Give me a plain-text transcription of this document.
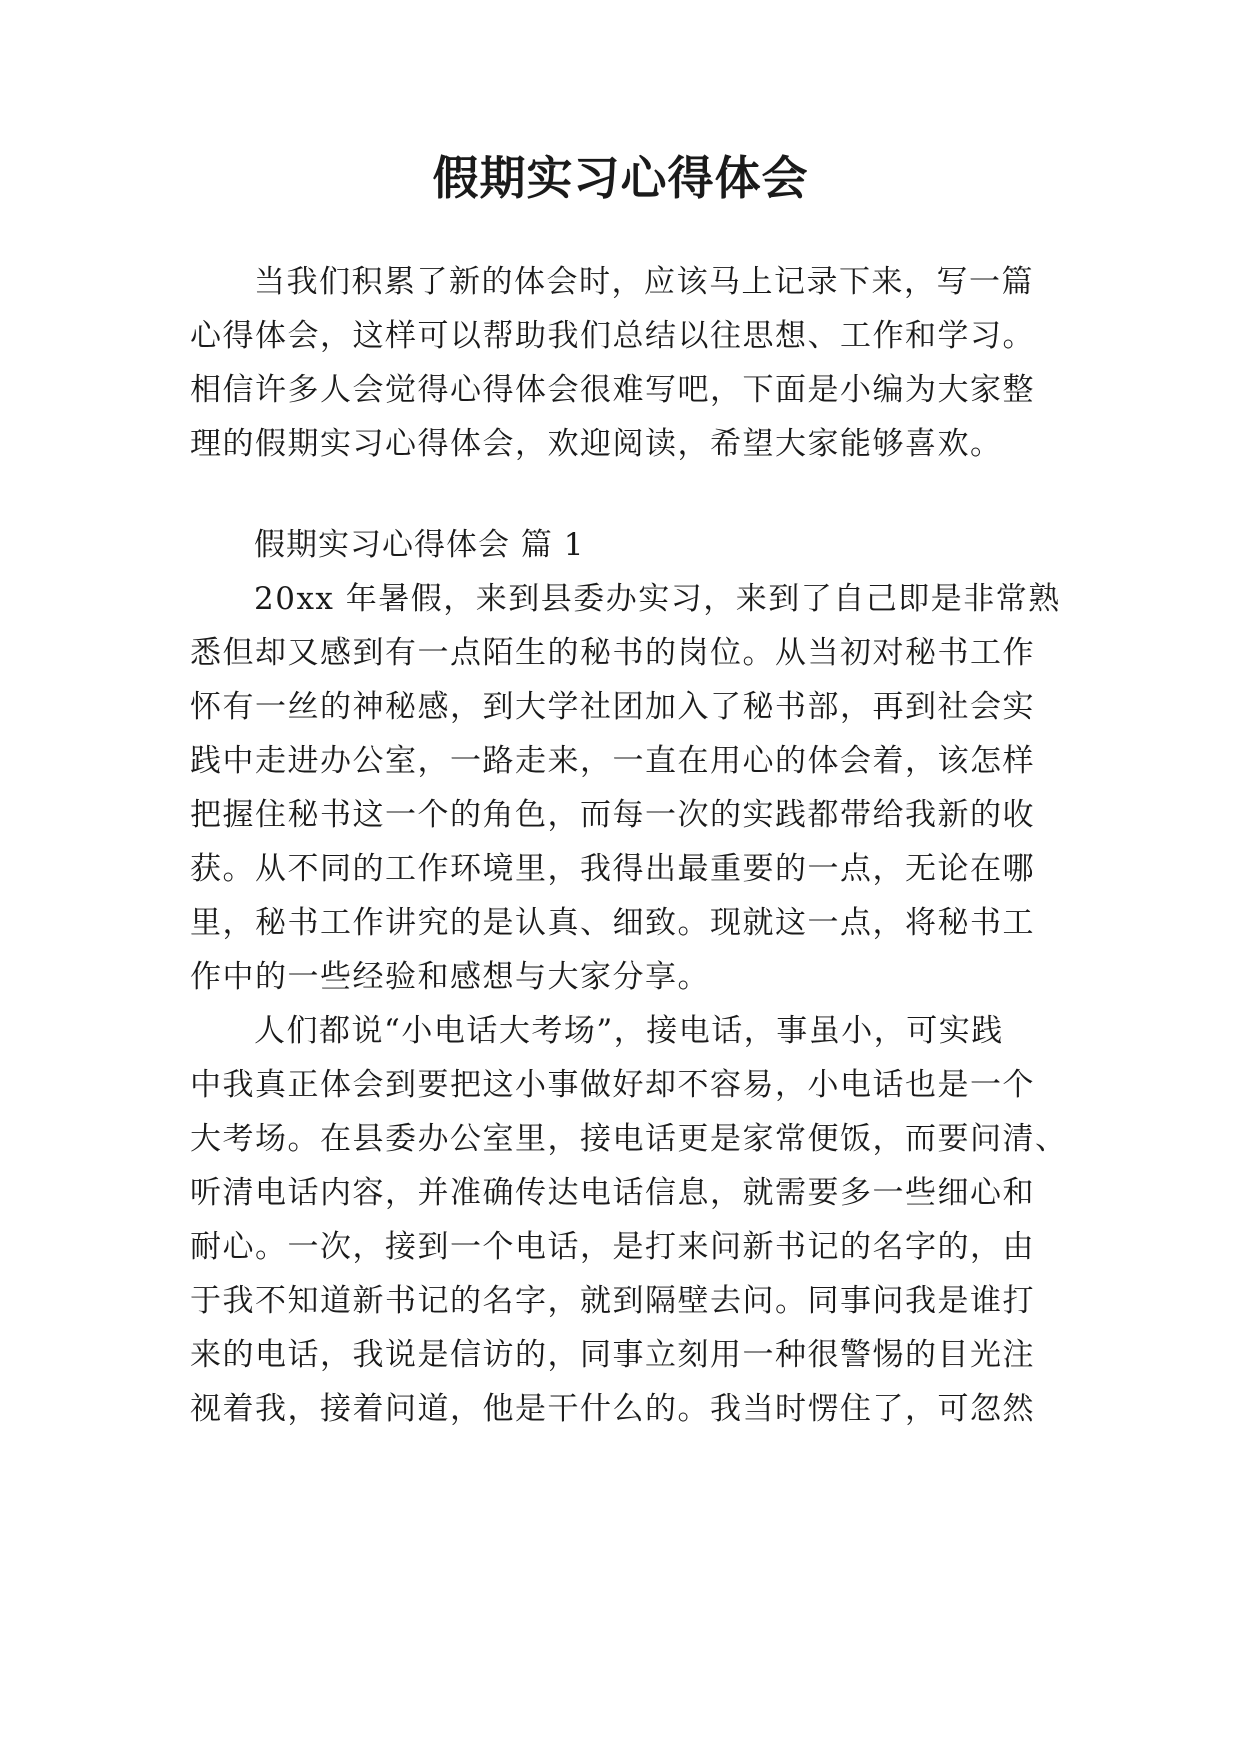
假期实习心得体会
当我们积累了新的体会时，应该马上记录下来，写一篇
心得体会，这样可以帮助我们总结以往思想、工作和学习。
相信许多人会觉得心得体会很难写吧，下面是小编为大家整
理的假期实习心得体会，欢迎阅读，希望大家能够喜欢。
假期实习心得体会 篇 1
20xx 年暑假，来到县委办实习，来到了自己即是非常熟
悉但却又感到有一点陌生的秘书的岗位。从当初对秘书工作
怀有一丝的神秘感，到大学社团加入了秘书部，再到社会实
践中走进办公室，一路走来，一直在用心的体会着，该怎样
把握住秘书这一个的角色，而每一次的实践都带给我新的收
获。从不同的工作环境里，我得出最重要的一点，无论在哪
里，秘书工作讲究的是认真、细致。现就这一点，将秘书工
作中的一些经验和感想与大家分享。
人们都说“小电话大考场”，接电话，事虽小，可实践
中我真正体会到要把这小事做好却不容易，小电话也是一个
大考场。在县委办公室里，接电话更是家常便饭，而要问清、
听清电话内容，并准确传达电话信息，就需要多一些细心和
耐心。一次，接到一个电话，是打来问新书记的名字的，由
于我不知道新书记的名字，就到隔壁去问。同事问我是谁打
来的电话，我说是信访的，同事立刻用一种很警惕的目光注
视着我，接着问道，他是干什么的。我当时愣住了，可忽然
